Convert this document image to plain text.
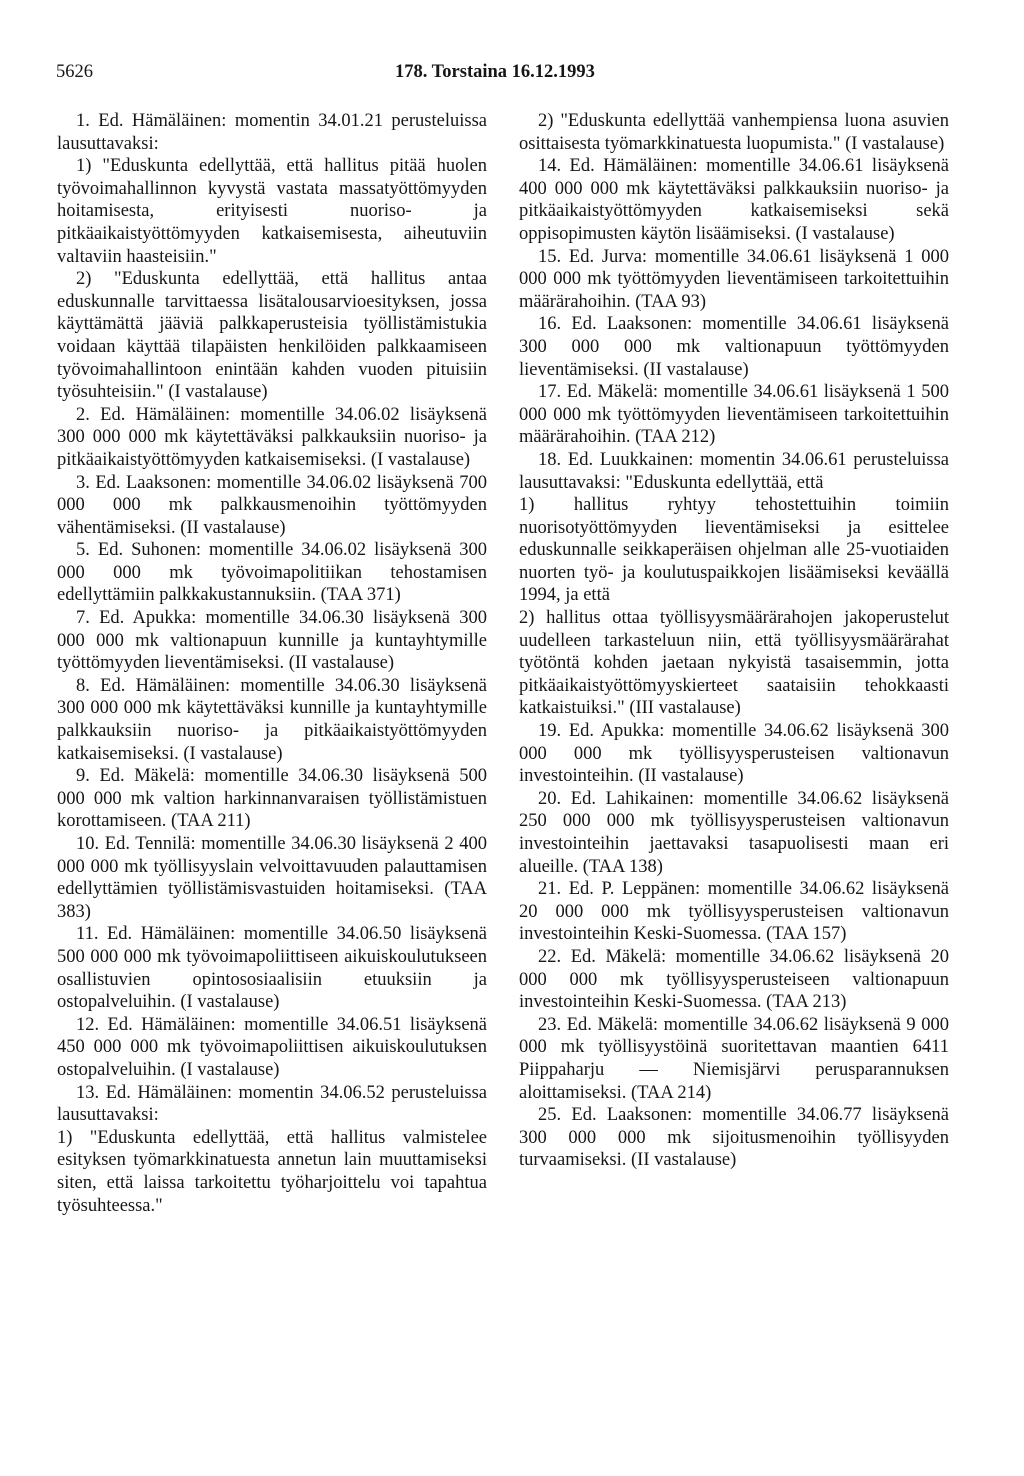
5626	178. Torstaina 16.12.1993

1. Ed. Hämäläinen: momentin 34.01.21 perusteluissa lausuttavaksi:

1) "Eduskunta edellyttää, että hallitus pitää huolen työvoimahallinnon kyvystä vastata massatyöttömyyden hoitamisesta, erityisesti nuoriso- ja pitkäaikaistyöttömyyden katkaisemisesta, aiheutuviin valtaviin haasteisiin."

2) "Eduskunta edellyttää, että hallitus antaa eduskunnalle tarvittaessa lisätalousarvioesityksen, jossa käyttämättä jääviä palkkaperusteisia työllistämistukia voidaan käyttää tilapäisten henkilöiden palkkaamiseen työvoimahallintoon enintään kahden vuoden pituisiin työsuhteisiin." (I vastalause)

2. Ed. Hämäläinen: momentille 34.06.02 lisäyksenä 300 000 000 mk käytettäväksi palkkauksiin nuoriso- ja pitkäaikaistyöttömyyden katkaisemiseksi. (I vastalause)

3. Ed. Laaksonen: momentille 34.06.02 lisäyksenä 700 000 000 mk palkkausmenoihin työttömyyden vähentämiseksi. (II vastalause)

5. Ed. Suhonen: momentille 34.06.02 lisäyksenä 300 000 000 mk työvoimapolitiikan tehostamisen edellyttämiin palkkakustannuksiin. (TAA 371)

7. Ed. Apukka: momentille 34.06.30 lisäyksenä 300 000 000 mk valtionapuun kunnille ja kuntayhtymille työttömyyden lieventämiseksi. (II vastalause)

8. Ed. Hämäläinen: momentille 34.06.30 lisäyksenä 300 000 000 mk käytettäväksi kunnille ja kuntayhtymille palkkauksiin nuoriso- ja pitkäaikaistyöttömyyden katkaisemiseksi. (I vastalause)

9. Ed. Mäkelä: momentille 34.06.30 lisäyksenä 500 000 000 mk valtion harkinnanvaraisen työllistämistuen korottamiseen. (TAA 211)

10. Ed. Tennilä: momentille 34.06.30 lisäyksenä 2 400 000 000 mk työllisyyslain velvoittavuuden palauttamisen edellyttämien työllistämisvastuiden hoitamiseksi. (TAA 383)

11. Ed. Hämäläinen: momentille 34.06.50 lisäyksenä 500 000 000 mk työvoimapoliittiseen aikuiskoulutukseen osallistuvien opintososiaalisiin etuuksiin ja ostopalveluihin. (I vastalause)

12. Ed. Hämäläinen: momentille 34.06.51 lisäyksenä 450 000 000 mk työvoimapoliittisen aikuiskoulutuksen ostopalveluihin. (I vastalause)

13. Ed. Hämäläinen: momentin 34.06.52 perusteluissa lausuttavaksi:

1) "Eduskunta edellyttää, että hallitus valmistelee esityksen työmarkkinatuesta annetun lain muuttamiseksi siten, että laissa tarkoitettu työharjoittelu voi tapahtua työsuhteessa."

2) "Eduskunta edellyttää vanhempiensa luona asuvien osittaisesta työmarkkinatuesta luopumista." (I vastalause)

14. Ed. Hämäläinen: momentille 34.06.61 lisäyksenä 400 000 000 mk käytettäväksi palkkauksiin nuoriso- ja pitkäaikaistyöttömyyden katkaisemiseksi sekä oppisopimusten käytön lisäämiseksi. (I vastalause)

15. Ed. Jurva: momentille 34.06.61 lisäyksenä 1 000 000 000 mk työttömyyden lieventämiseen tarkoitettuihin määrärahoihin. (TAA 93)

16. Ed. Laaksonen: momentille 34.06.61 lisäyksenä 300 000 000 mk valtionapuun työttömyyden lieventämiseksi. (II vastalause)

17. Ed. Mäkelä: momentille 34.06.61 lisäyksenä 1 500 000 000 mk työttömyyden lieventämiseen tarkoitettuihin määrärahoihin. (TAA 212)

18. Ed. Luukkainen: momentin 34.06.61 perusteluissa lausuttavaksi: "Eduskunta edellyttää, että

1) hallitus ryhtyy tehostettuihin toimiin nuorisotyöttömyyden lieventämiseksi ja esittelee eduskunnalle seikkaperäisen ohjelman alle 25-vuotiaiden nuorten työ- ja koulutuspaikkojen lisäämiseksi keväällä 1994, ja että

2) hallitus ottaa työllisyysmäärärahojen jakoperustelut uudelleen tarkasteluun niin, että työllisyysmäärärahat työtöntä kohden jaetaan nykyistä tasaisemmin, jotta pitkäaikaistyöttömyyskierteet saataisiin tehokkaasti katkaistuiksi." (III vastalause)

19. Ed. Apukka: momentille 34.06.62 lisäyksenä 300 000 000 mk työllisyysperusteisen valtionavun investointeihin. (II vastalause)

20. Ed. Lahikainen: momentille 34.06.62 lisäyksenä 250 000 000 mk työllisyysperusteisen valtionavun investointeihin jaettavaksi tasapuolisesti maan eri alueille. (TAA 138)

21. Ed. P. Leppänen: momentille 34.06.62 lisäyksenä 20 000 000 mk työllisyysperusteisen valtionavun investointeihin Keski-Suomessa. (TAA 157)

22. Ed. Mäkelä: momentille 34.06.62 lisäyksenä 20 000 000 mk työllisyysperusteiseen valtionapuun investointeihin Keski-Suomessa. (TAA 213)

23. Ed. Mäkelä: momentille 34.06.62 lisäyksenä 9 000 000 mk työllisyystöinä suoritettavan maantien 6411 Piippaharju — Niemisjärvi perusparannuksen aloittamiseksi. (TAA 214)

25. Ed. Laaksonen: momentille 34.06.77 lisäyksenä 300 000 000 mk sijoitusmenoihin työllisyyden turvaamiseksi. (II vastalause)
